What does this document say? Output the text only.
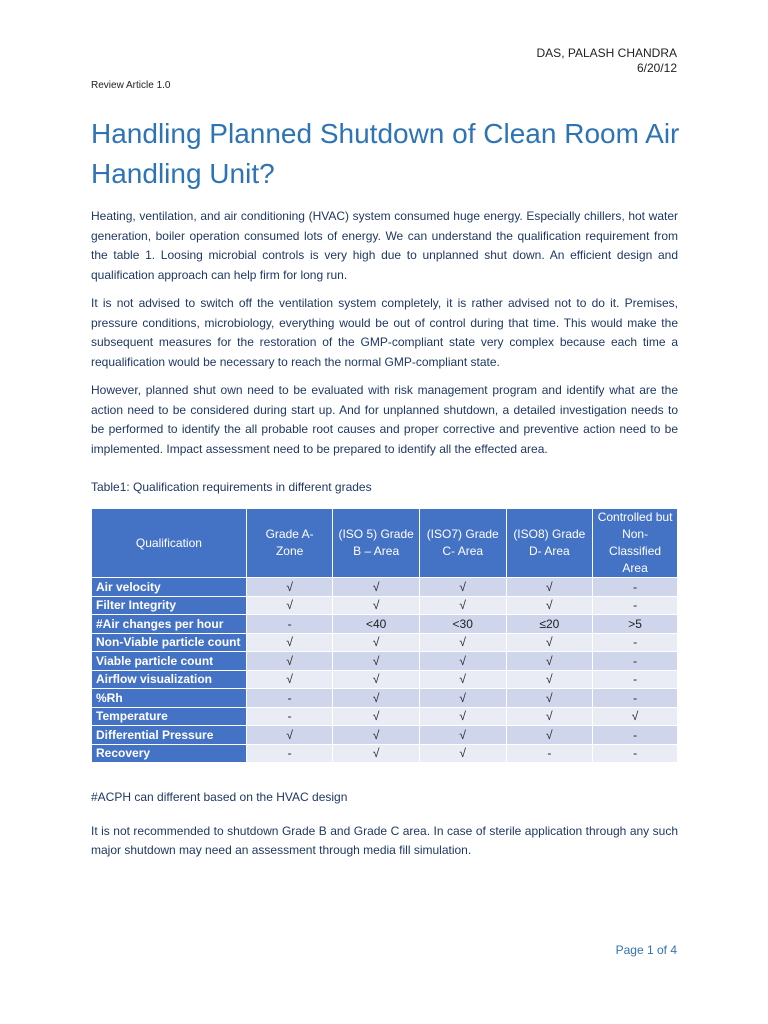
DAS, PALASH CHANDRA
6/20/12
Review Article 1.0
Handling Planned Shutdown of Clean Room Air Handling Unit?

Heating, ventilation, and air conditioning (HVAC) system consumed huge energy. Especially chillers, hot water generation, boiler operation consumed lots of energy. We can understand the qualification requirement from the table 1. Loosing microbial controls is very high due to unplanned shut down. An efficient design and qualification approach can help firm for long run.

It is not advised to switch off the ventilation system completely, it is rather advised not to do it. Premises, pressure conditions, microbiology, everything would be out of control during that time. This would make the subsequent measures for the restoration of the GMP-compliant state very complex because each time a requalification would be necessary to reach the normal GMP-compliant state.

However, planned shut own need to be evaluated with risk management program and identify what are the action need to be considered during start up. And for unplanned shutdown, a detailed investigation needs to be performed to identify the all probable root causes and proper corrective and preventive action need to be implemented. Impact assessment need to be prepared to identify all the effected area.

Table1: Qualification requirements in different grades
Qualification	Grade A- Zone	(ISO 5) Grade B – Area	(ISO7) Grade C- Area	(ISO8) Grade D- Area	Controlled but Non- Classified Area
Air velocity	√	√	√	√	-
Filter Integrity	√	√	√	√	-
#Air changes per hour	-	<40	<30	≤20	>5
Non-Viable particle count	√	√	√	√	-
Viable particle count	√	√	√	√	-
Airflow visualization	√	√	√	√	-
%Rh	-	√	√	√	-
Temperature	-	√	√	√	√
Differential Pressure	√	√	√	√	-
Recovery	-	√	√	-	-

#ACPH can different based on the HVAC design

It is not recommended to shutdown Grade B and Grade C area. In case of sterile application through any such major shutdown may need an assessment through media fill simulation.

Page 1 of 4
